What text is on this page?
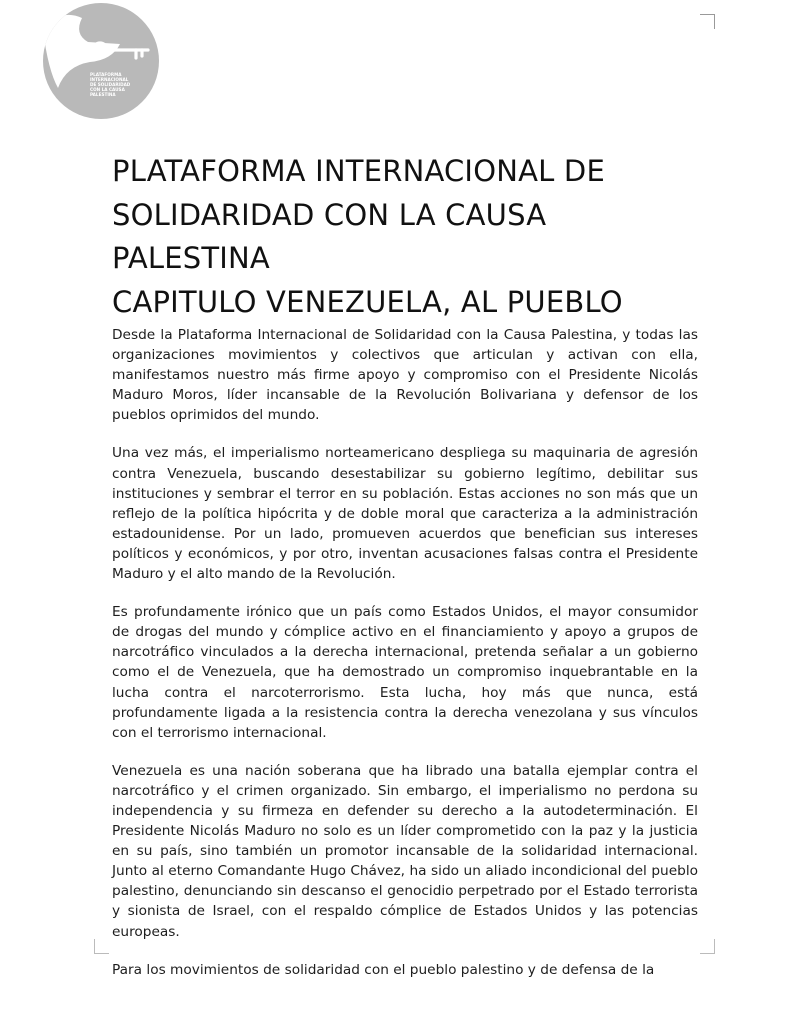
PLATAFORMA
INTERNACIONAL
DE SOLIDARIDAD
CON LA CAUSA
PALESTINA
PLATAFORMA INTERNACIONAL DE
SOLIDARIDAD CON LA CAUSA
PALESTINA
CAPITULO VENEZUELA, AL PUEBLO

Desde la Plataforma Internacional de Solidaridad con la Causa Palestina, y todas las organizaciones movimientos y colectivos que articulan y activan con ella, manifestamos nuestro más firme apoyo y compromiso con el Presidente Nicolás Maduro Moros, líder incansable de la Revolución Bolivariana y defensor de los pueblos oprimidos del mundo.

Una vez más, el imperialismo norteamericano despliega su maquinaria de agresión contra Venezuela, buscando desestabilizar su gobierno legítimo, debilitar sus instituciones y sembrar el terror en su población. Estas acciones no son más que un reflejo de la política hipócrita y de doble moral que caracteriza a la administración estadounidense. Por un lado, promueven acuerdos que benefician sus intereses políticos y económicos, y por otro, inventan acusaciones falsas contra el Presidente Maduro y el alto mando de la Revolución.

Es profundamente irónico que un país como Estados Unidos, el mayor consumidor de drogas del mundo y cómplice activo en el financiamiento y apoyo a grupos de narcotráfico vinculados a la derecha internacional, pretenda señalar a un gobierno como el de Venezuela, que ha demostrado un compromiso inquebrantable en la lucha contra el narcoterrorismo. Esta lucha, hoy más que nunca, está profundamente ligada a la resistencia contra la derecha venezolana y sus vínculos con el terrorismo internacional.

Venezuela es una nación soberana que ha librado una batalla ejemplar contra el narcotráfico y el crimen organizado. Sin embargo, el imperialismo no perdona su independencia y su firmeza en defender su derecho a la autodeterminación. El Presidente Nicolás Maduro no solo es un líder comprometido con la paz y la justicia en su país, sino también un promotor incansable de la solidaridad internacional. Junto al eterno Comandante Hugo Chávez, ha sido un aliado incondicional del pueblo palestino, denunciando sin descanso el genocidio perpetrado por el Estado terrorista y sionista de Israel, con el respaldo cómplice de Estados Unidos y las potencias europeas.

Para los movimientos de solidaridad con el pueblo palestino y de defensa de la
